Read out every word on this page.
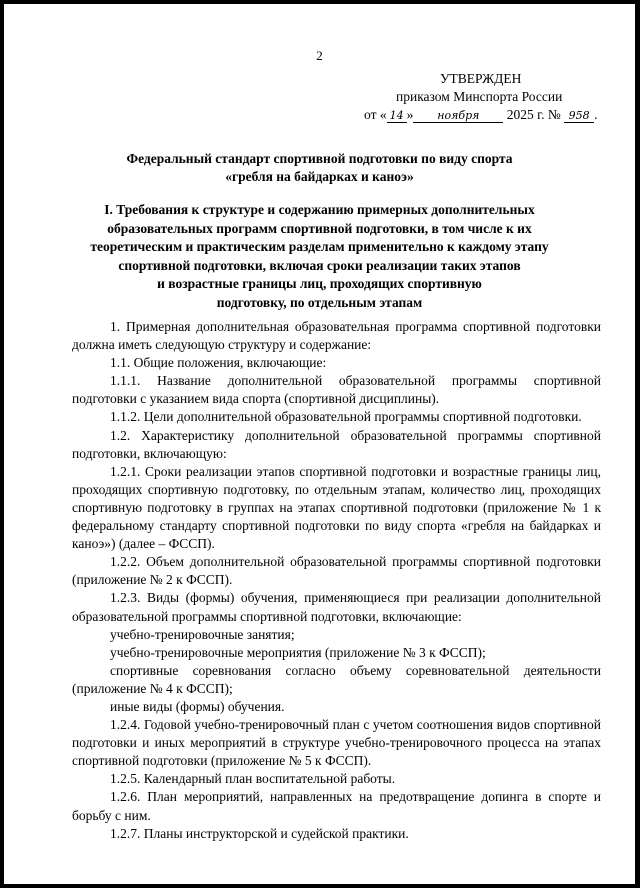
2
УТВЕРЖДЕН
приказом Минспорта России
от « 14 » ноября 2025 г. № 958 .
Федеральный стандарт спортивной подготовки по виду спорта
«гребля на байдарках и каноэ»
I. Требования к структуре и содержанию примерных дополнительных
образовательных программ спортивной подготовки, в том числе к их
теоретическим и практическим разделам применительно к каждому этапу
спортивной подготовки, включая сроки реализации таких этапов
и возрастные границы лиц, проходящих спортивную
подготовку, по отдельным этапам

1. Примерная дополнительная образовательная программа спортивной подготовки должна иметь следующую структуру и содержание:

1.1. Общие положения, включающие:

1.1.1. Название дополнительной образовательной программы спортивной подготовки с указанием вида спорта (спортивной дисциплины).

1.1.2. Цели дополнительной образовательной программы спортивной подготовки.

1.2. Характеристику дополнительной образовательной программы спортивной подготовки, включающую:

1.2.1. Сроки реализации этапов спортивной подготовки и возрастные границы лиц, проходящих спортивную подготовку, по отдельным этапам, количество лиц, проходящих спортивную подготовку в группах на этапах спортивной подготовки (приложение № 1 к федеральному стандарту спортивной подготовки по виду спорта «гребля на байдарках и каноэ») (далее – ФССП).

1.2.2. Объем дополнительной образовательной программы спортивной подготовки (приложение № 2 к ФССП).

1.2.3. Виды (формы) обучения, применяющиеся при реализации дополнительной образовательной программы спортивной подготовки, включающие:

учебно-тренировочные занятия;

учебно-тренировочные мероприятия (приложение № 3 к ФССП);

спортивные соревнования согласно объему соревновательной деятельности (приложение № 4 к ФССП);

иные виды (формы) обучения.

1.2.4. Годовой учебно-тренировочный план с учетом соотношения видов спортивной подготовки и иных мероприятий в структуре учебно-тренировочного процесса на этапах спортивной подготовки (приложение № 5 к ФССП).

1.2.5. Календарный план воспитательной работы.

1.2.6. План мероприятий, направленных на предотвращение допинга в спорте и борьбу с ним.

1.2.7. Планы инструкторской и судейской практики.
